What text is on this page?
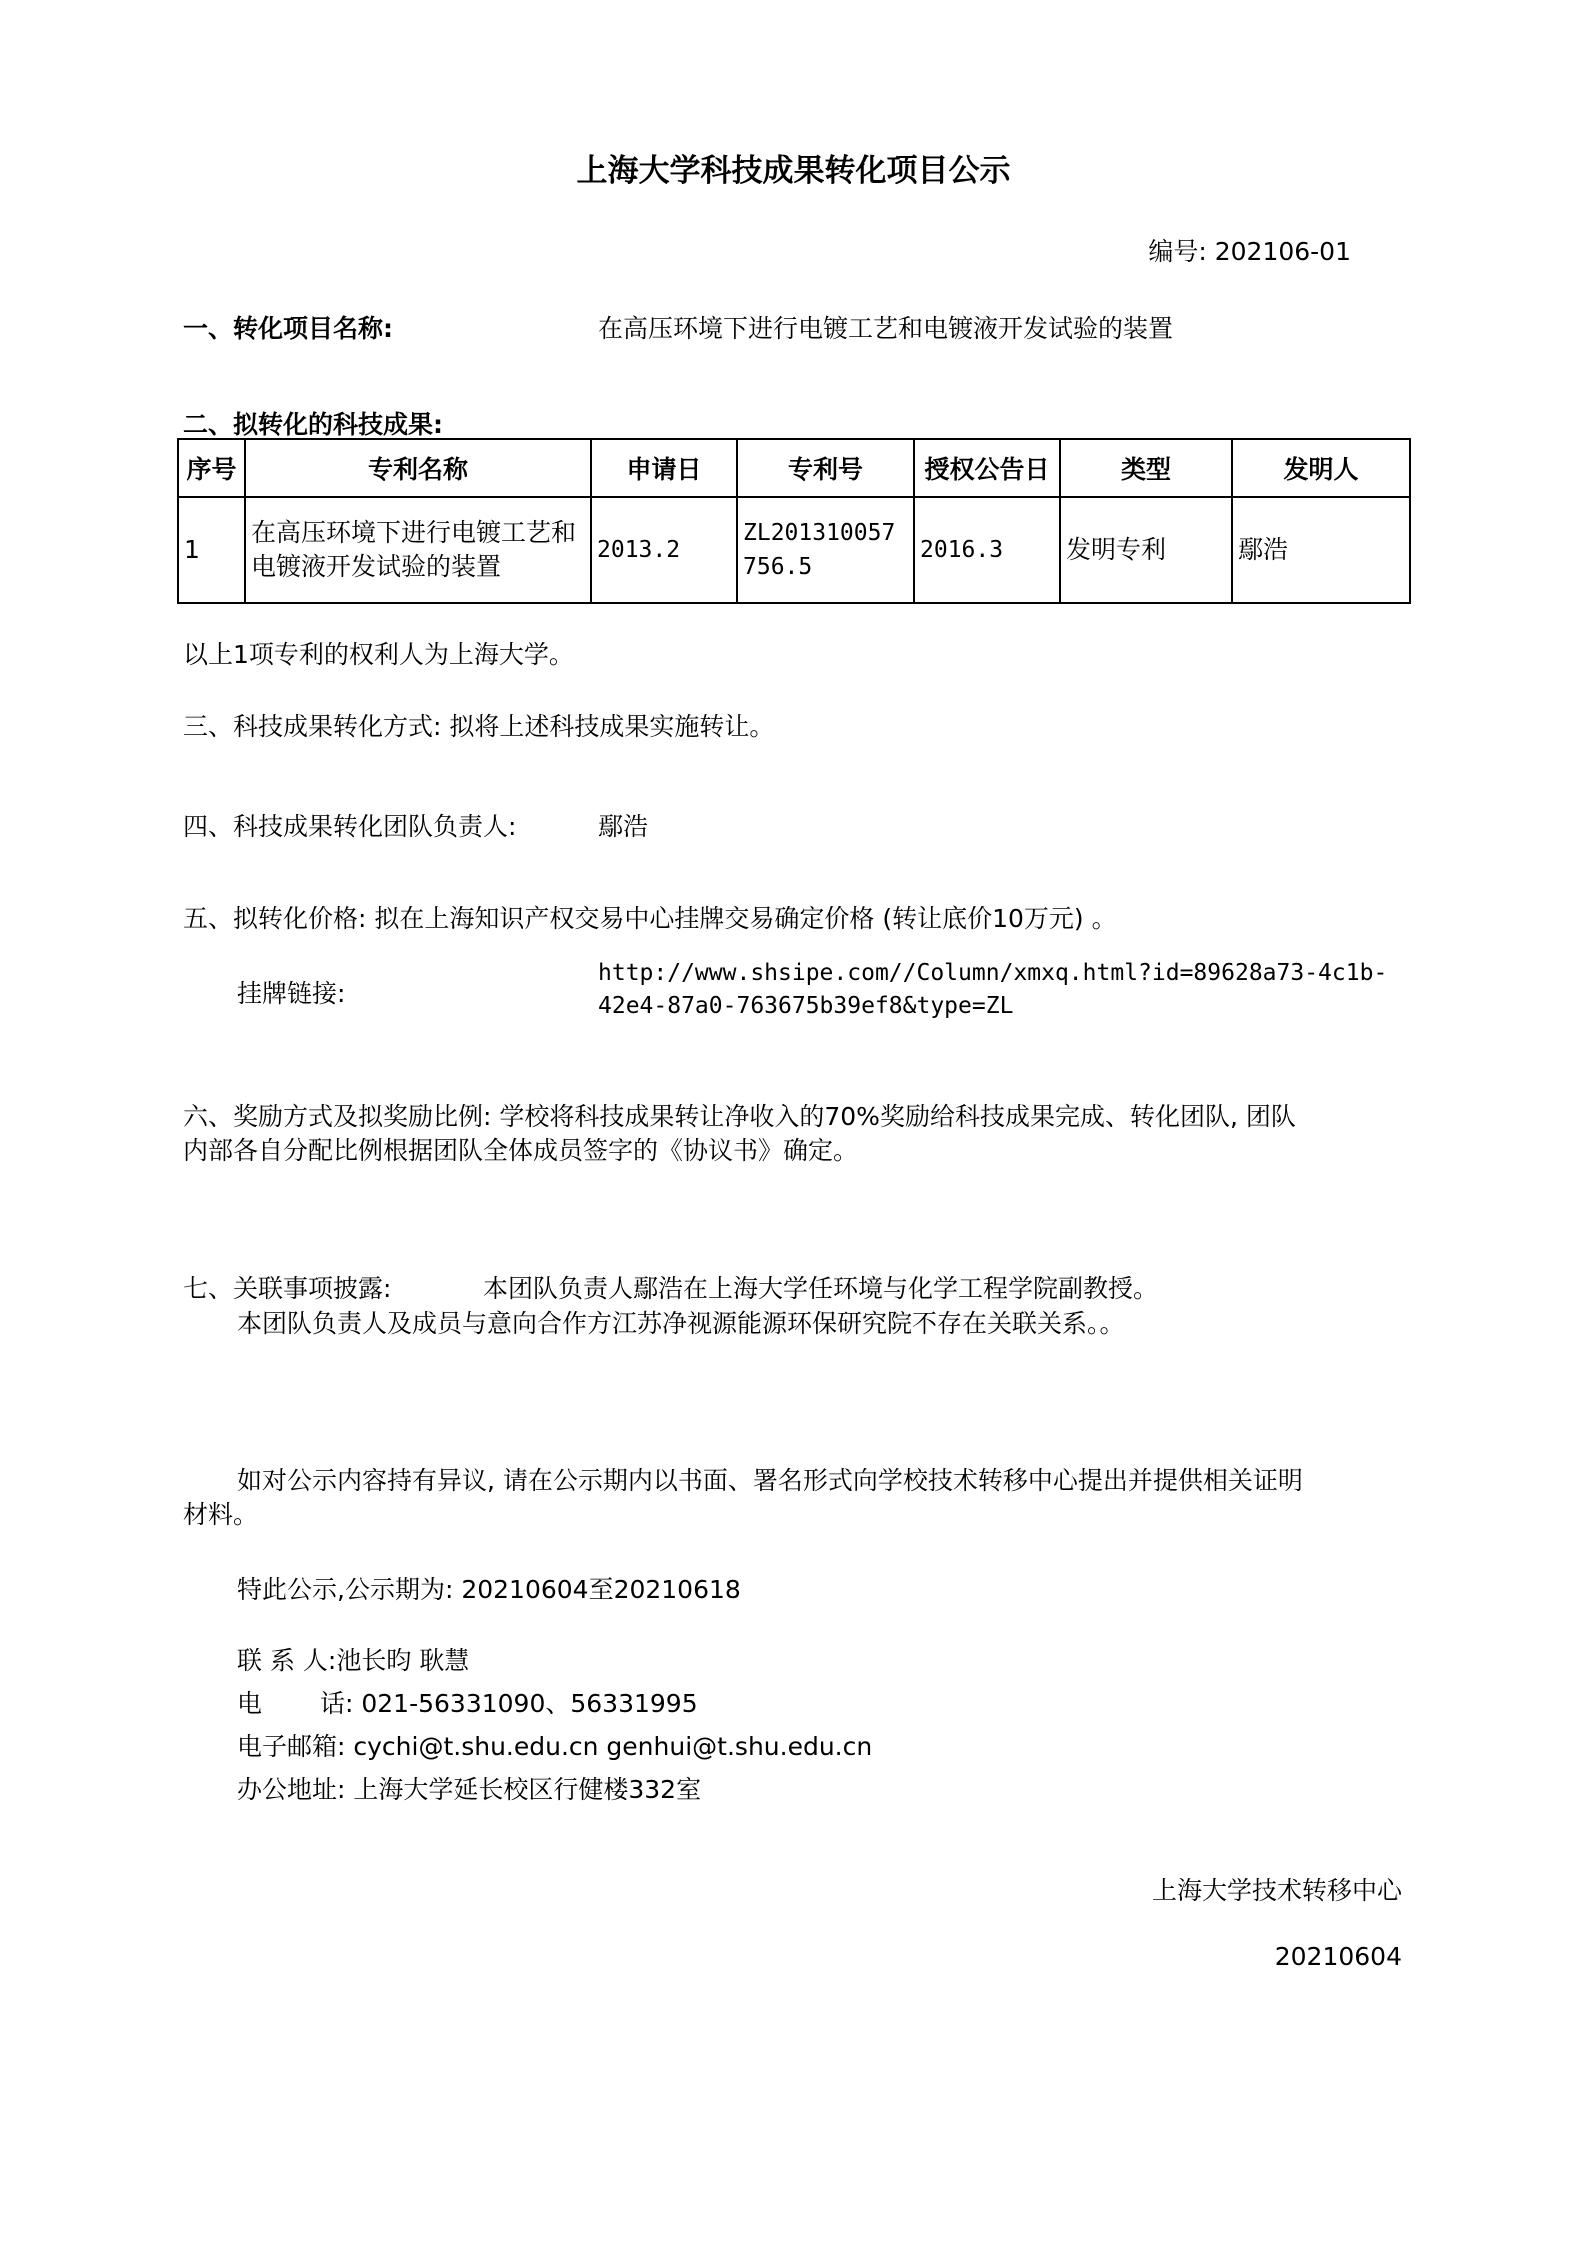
上海大学科技成果转化项目公示
编号: 202106-01
一、转化项目名称:	在高压环境下进行电镀工艺和电镀液开发试验的装置
二、拟转化的科技成果:
序号	专利名称	申请日	专利号	授权公告日	类型	发明人
1	在高压环境下进行电镀工艺和电镀液开发试验的装置	2013.2	ZL201310057756.5	2016.3	发明专利	鄢浩
以上1项专利的权利人为上海大学。
三、科技成果转化方式: 拟将上述科技成果实施转让。
四、科技成果转化团队负责人:	鄢浩
五、拟转化价格: 拟在上海知识产权交易中心挂牌交易确定价格 (转让底价10万元) 。
挂牌链接:
http://www.shsipe.com//Column/xmxq.html?id=89628a73-4c1b-
42e4-87a0-763675b39ef8&type=ZL
六、奖励方式及拟奖励比例: 学校将科技成果转让净收入的70%奖励给科技成果完成、转化团队, 团队
内部各自分配比例根据团队全体成员签字的《协议书》确定。
七、关联事项披露:	本团队负责人鄢浩在上海大学任环境与化学工程学院副教授。
本团队负责人及成员与意向合作方江苏净视源能源环保研究院不存在关联关系。。
如对公示内容持有异议, 请在公示期内以书面、署名形式向学校技术转移中心提出并提供相关证明
材料。
特此公示,公示期为: 20210604至20210618
联 系 人:池长昀 耿慧
电 话: 021-56331090、56331995
电子邮箱: cychi@t.shu.edu.cn genhui@t.shu.edu.cn
办公地址: 上海大学延长校区行健楼332室
上海大学技术转移中心
20210604
